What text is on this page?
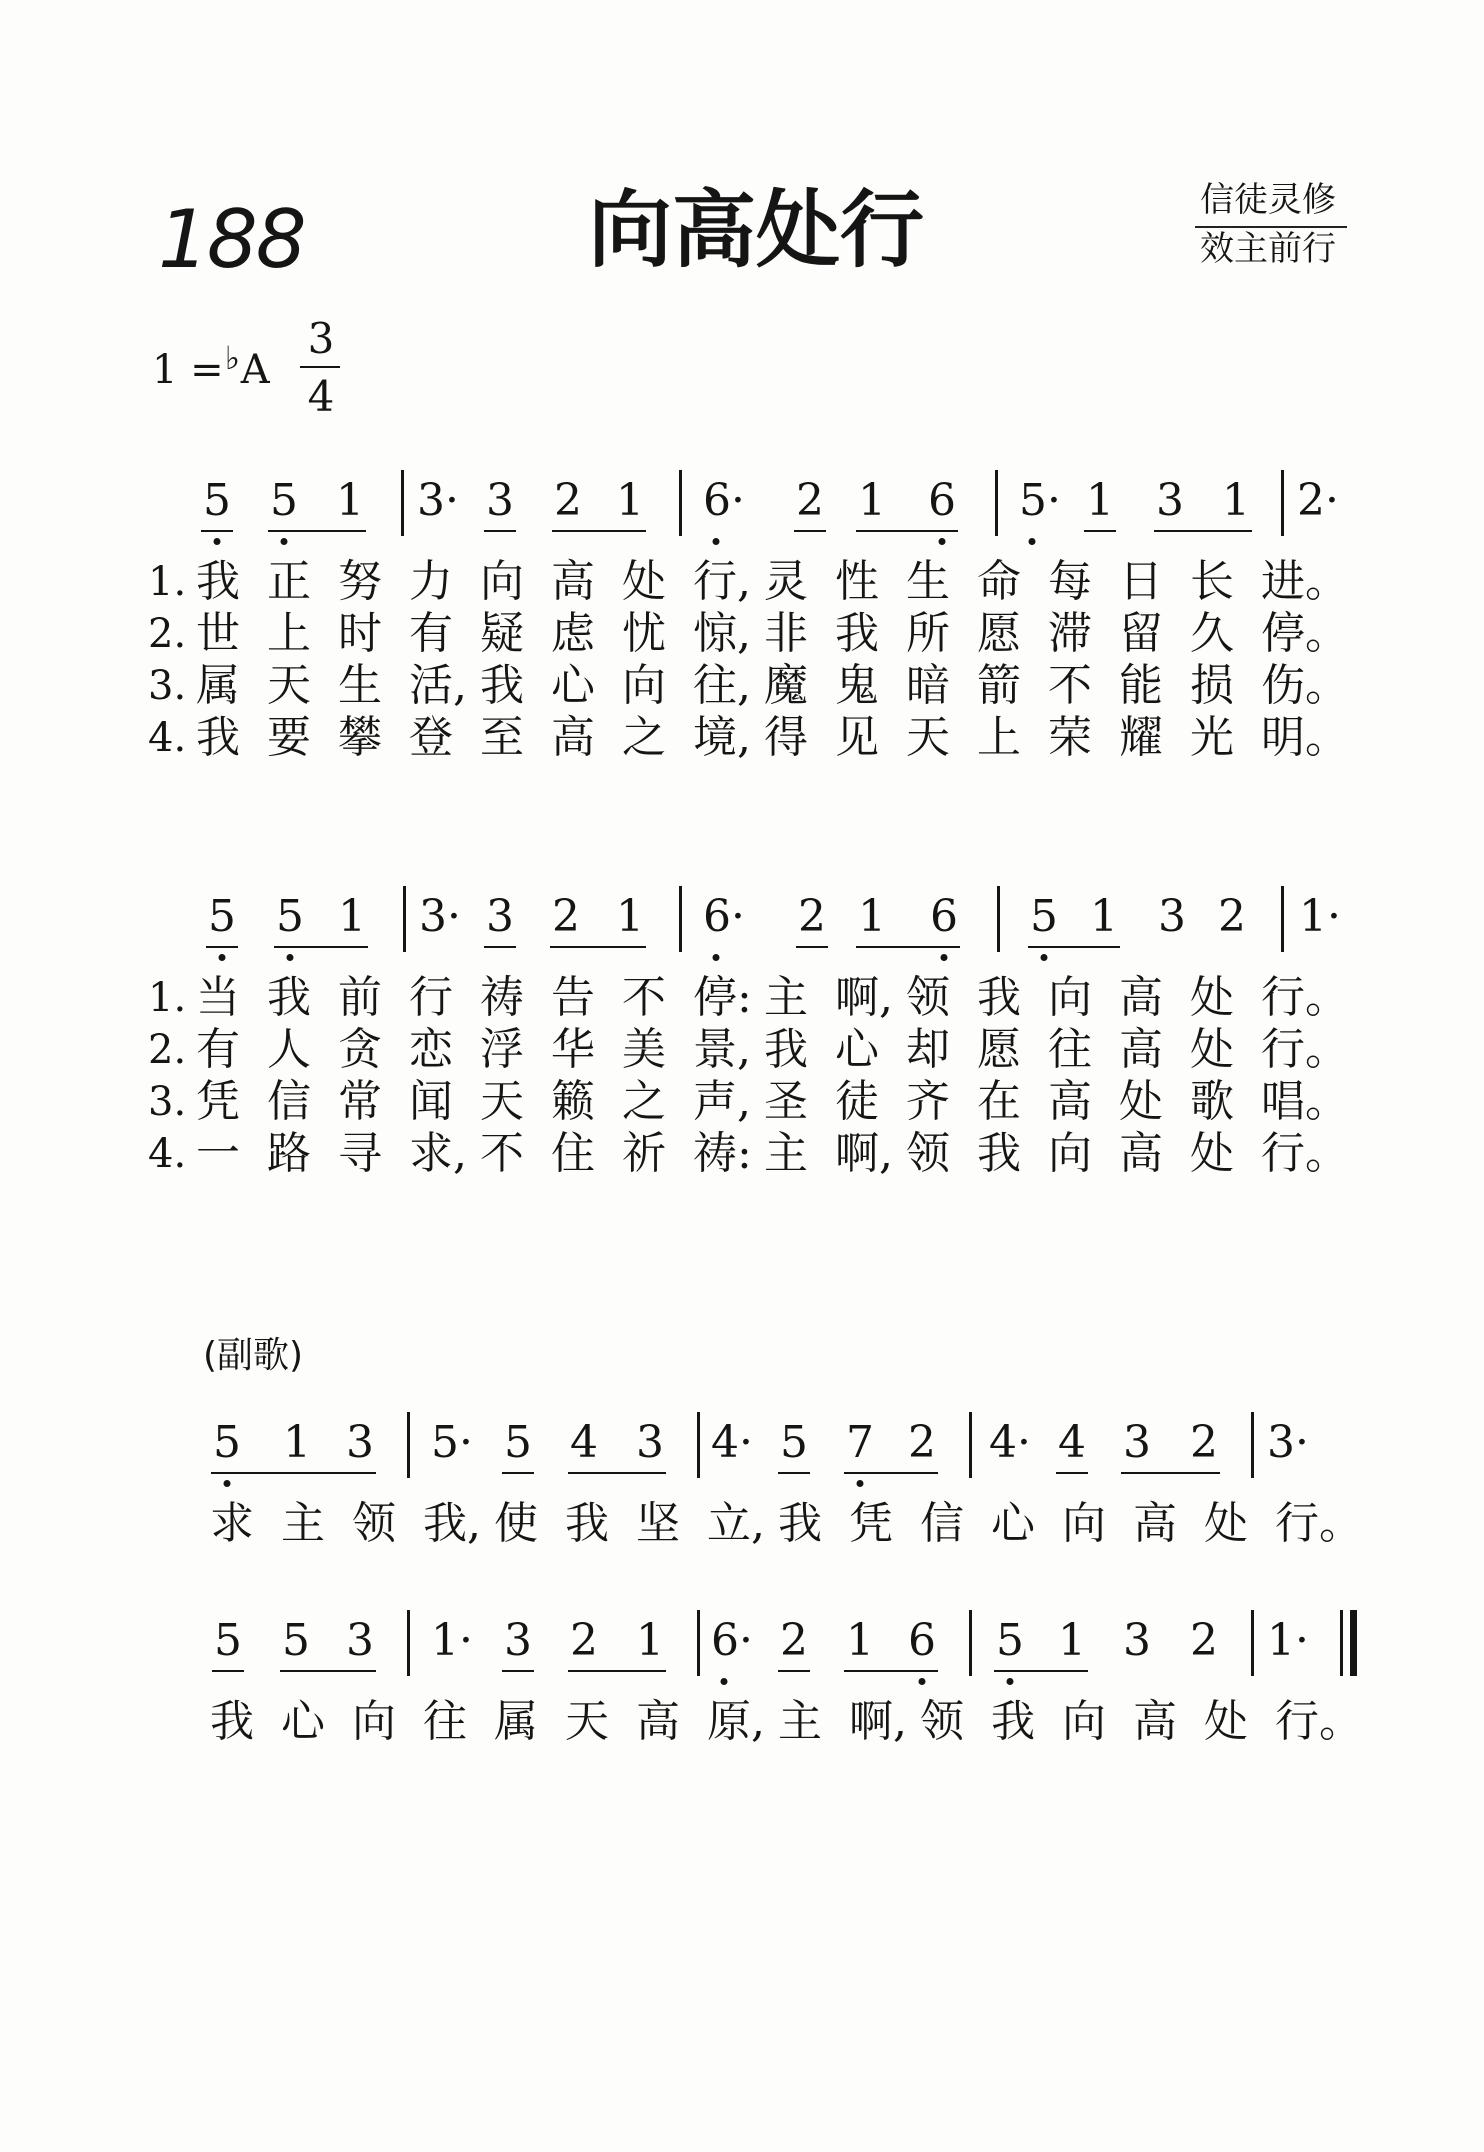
188	向高处行	信徒灵修
效主前行
1 =♭A
3
4
(副歌)
5 5 1 3· 3 2 1 6· 2 1 6 5· 1 3 1 2·
1. 我 正 努 力 向 高 处 行, 灵 性 生 命 每 日 长 进。
2. 世 上 时 有 疑 虑 忧 惊, 非 我 所 愿 滞 留 久 停。
3. 属 天 生 活, 我 心 向 往, 魔 鬼 暗 箭 不 能 损 伤。
4. 我 要 攀 登 至 高 之 境, 得 见 天 上 荣 耀 光 明。
5 5 1 3· 3 2 1 6· 2 1 6 5 1 3 2 1·
1. 当 我 前 行 祷 告 不 停: 主 啊, 领 我 向 高 处 行。
2. 有 人 贪 恋 浮 华 美 景, 我 心 却 愿 往 高 处 行。
3. 凭 信 常 闻 天 籁 之 声, 圣 徒 齐 在 高 处 歌 唱。
4. 一 路 寻 求, 不 住 祈 祷: 主 啊, 领 我 向 高 处 行。
5 1 3 5· 5 4 3 4· 5 7 2 4· 4 3 2 3·
求 主 领 我, 使 我 坚 立, 我 凭 信 心 向 高 处 行。
5 5 3 1· 3 2 1 6· 2 1 6 5 1 3 2 1·
我 心 向 往 属 天 高 原, 主 啊, 领 我 向 高 处 行。
